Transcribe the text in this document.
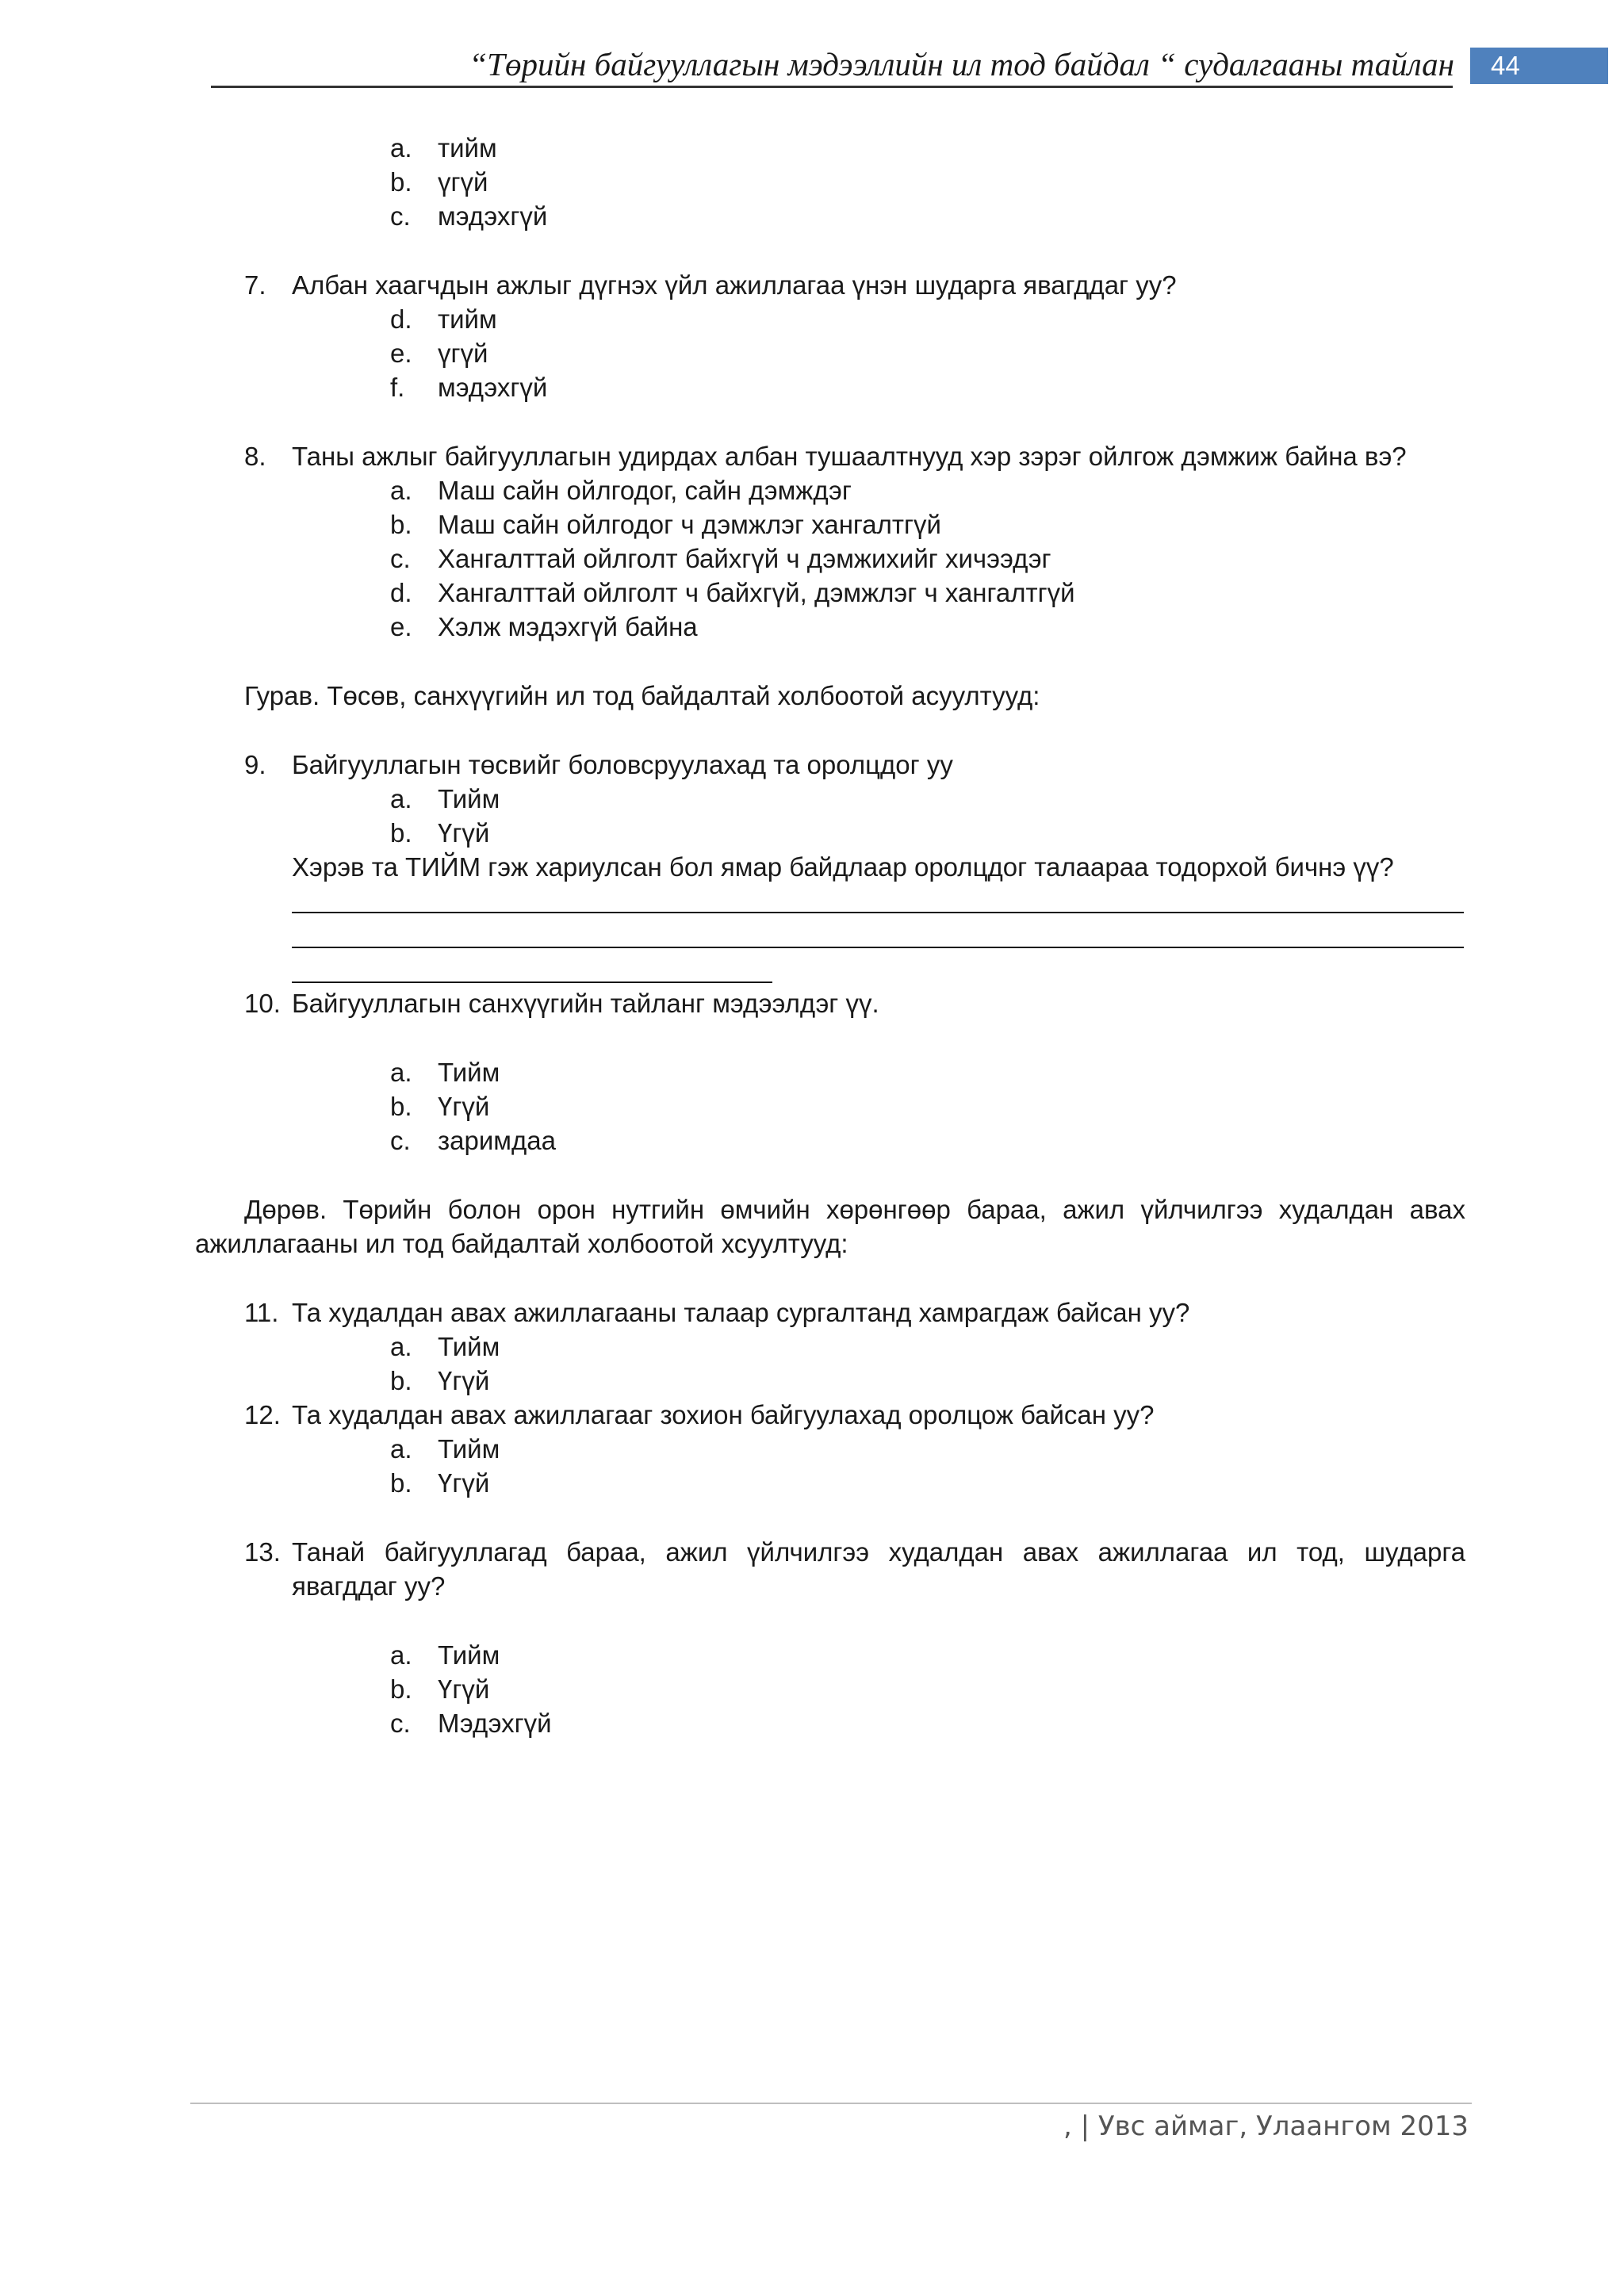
“Төрийн байгууллагын мэдээллийн ил тод байдал “ судалгааны тайлан	44
a. тийм
b. үгүй
c. мэдэхгүй
7. Албан хаагчдын ажлыг дүгнэх үйл ажиллагаа үнэн шударга явагддаг уу?
d. тийм
e. үгүй
f. мэдэхгүй
8. Таны ажлыг байгууллагын удирдах албан тушаалтнууд хэр зэрэг ойлгож дэмжиж байна вэ?
a. Маш сайн ойлгодог, сайн дэмждэг
b. Маш сайн ойлгодог ч дэмжлэг хангалтгүй
c. Хангалттай ойлголт байхгүй ч дэмжихийг хичээдэг
d. Хангалттай ойлголт ч байхгүй, дэмжлэг ч хангалтгүй
e. Хэлж мэдэхгүй байна
Гурав. Төсөв, санхүүгийн ил тод байдалтай холбоотой асуултууд:
9. Байгууллагын төсвийг боловсруулахад та оролцдог уу
a. Тийм
b. Үгүй
Хэрэв та ТИЙМ гэж хариулсан бол ямар байдлаар оролцдог талаараа тодорхой бичнэ үү?
10. Байгууллагын санхүүгийн тайланг мэдээлдэг үү.
a. Тийм
b. Үгүй
c. заримдаа
Дөрөв. Төрийн болон орон нутгийн өмчийн хөрөнгөөр бараа, ажил үйлчилгээ худалдан авах
ажиллагааны ил тод байдалтай холбоотой хсуултууд:
11. Та худалдан авах ажиллагааны талаар сургалтанд хамрагдаж байсан уу?
a. Тийм
b. Үгүй
12. Та худалдан авах ажиллагааг зохион байгуулахад оролцож байсан уу?
a. Тийм
b. Үгүй
13. Танай байгууллагад бараа, ажил үйлчилгээ худалдан авах ажиллагаа ил тод, шударга
явагддаг уу?
a. Тийм
b. Үгүй
c. Мэдэхгүй
, | Увс аймаг, Улаангом 2013
